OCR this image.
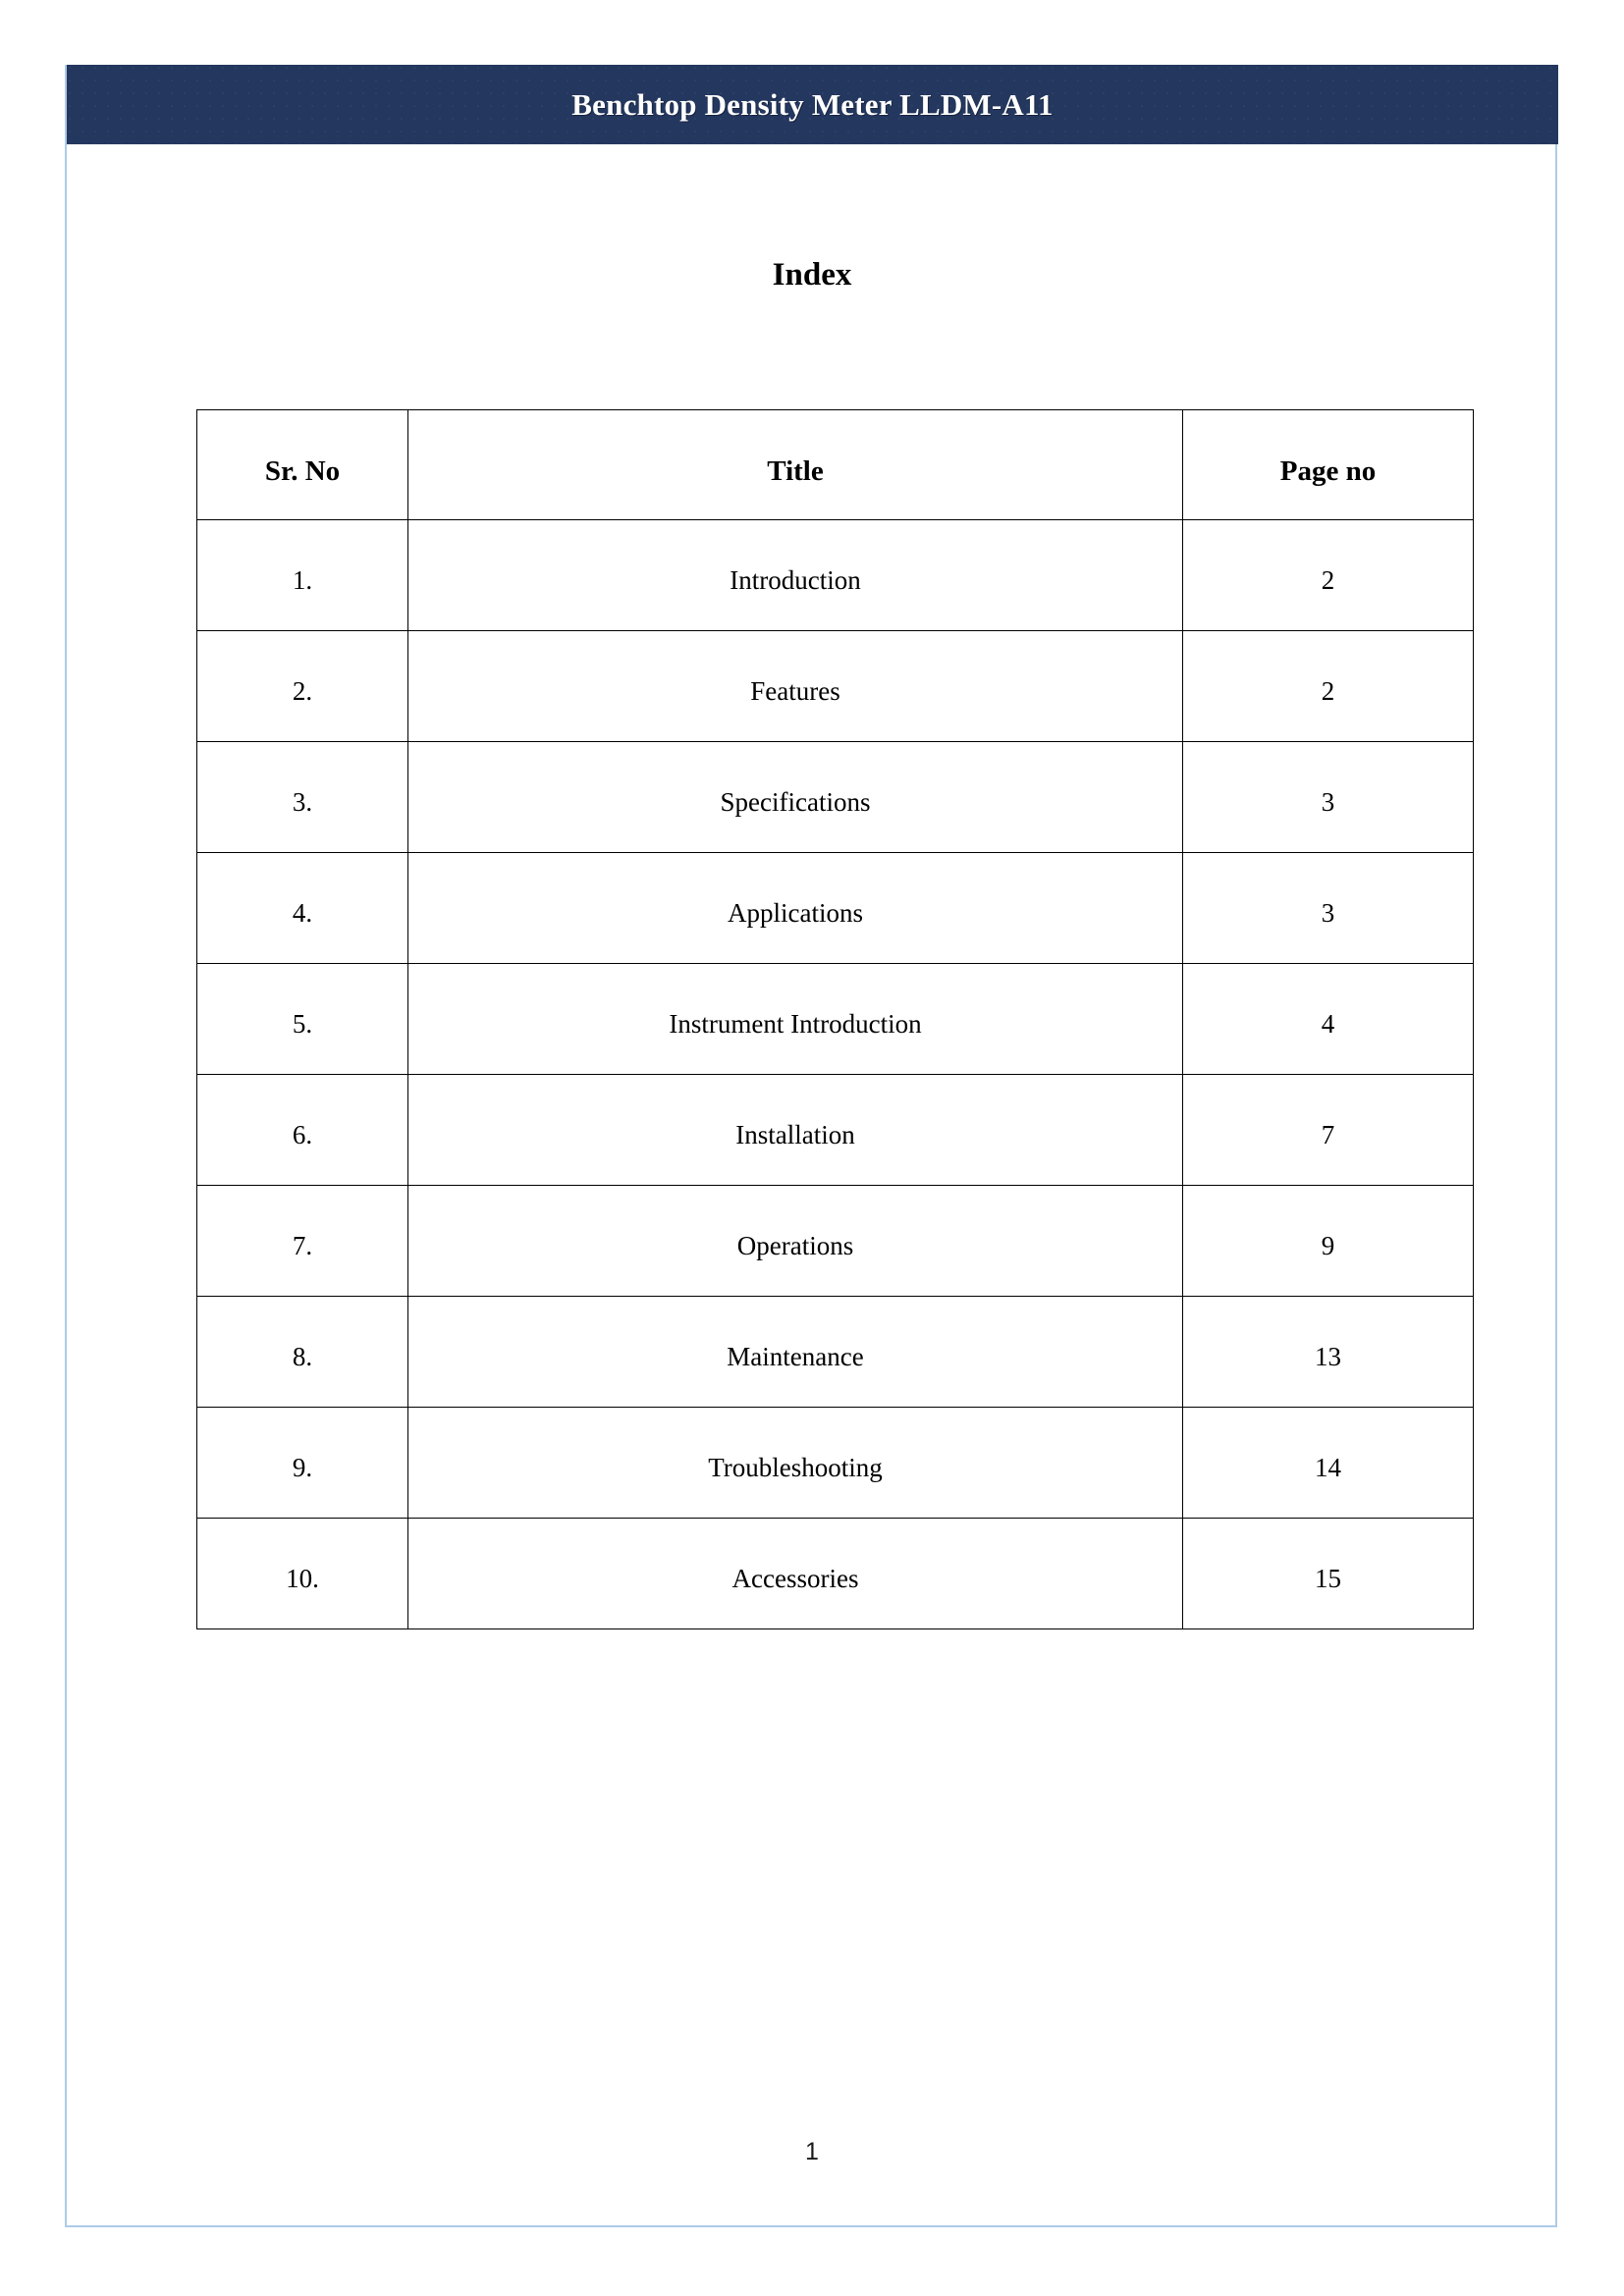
Benchtop Density Meter LLDM-A11
Index
Sr. No	Title	Page no
1.	Introduction	2
2.	Features	2
3.	Specifications	3
4.	Applications	3
5.	Instrument Introduction	4
6.	Installation	7
7.	Operations	9
8.	Maintenance	13
9.	Troubleshooting	14
10.	Accessories	15
1
